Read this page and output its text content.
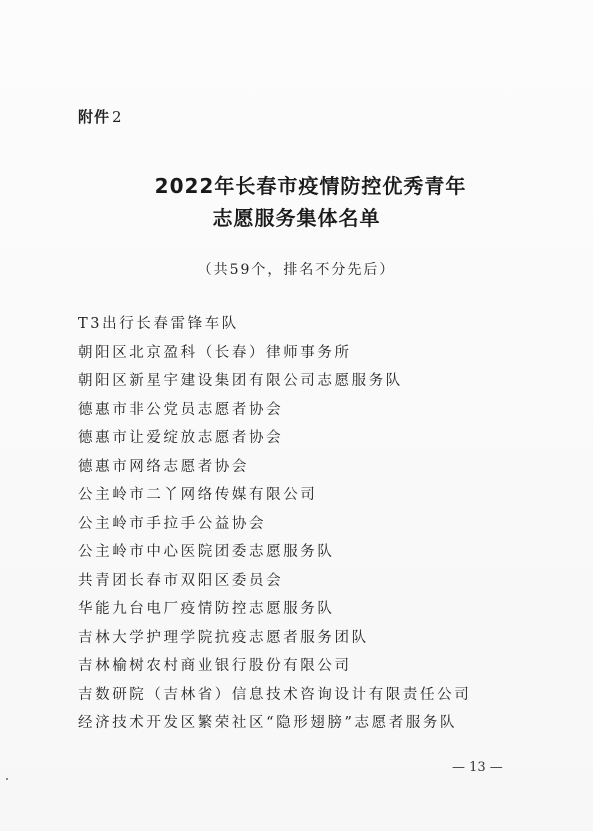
附件 2
2022年长春市疫情防控优秀青年
志愿服务集体名单
（共59个，排名不分先后）
T3出行长春雷锋车队
朝阳区北京盈科（长春）律师事务所
朝阳区新星宇建设集团有限公司志愿服务队
德惠市非公党员志愿者协会
德惠市让爱绽放志愿者协会
德惠市网络志愿者协会
公主岭市二丫网络传媒有限公司
公主岭市手拉手公益协会
公主岭市中心医院团委志愿服务队
共青团长春市双阳区委员会
华能九台电厂疫情防控志愿服务队
吉林大学护理学院抗疫志愿者服务团队
吉林榆树农村商业银行股份有限公司
吉数研院（吉林省）信息技术咨询设计有限责任公司
经济技术开发区繁荣社区“隐形翅膀”志愿者服务队
— 13 —
